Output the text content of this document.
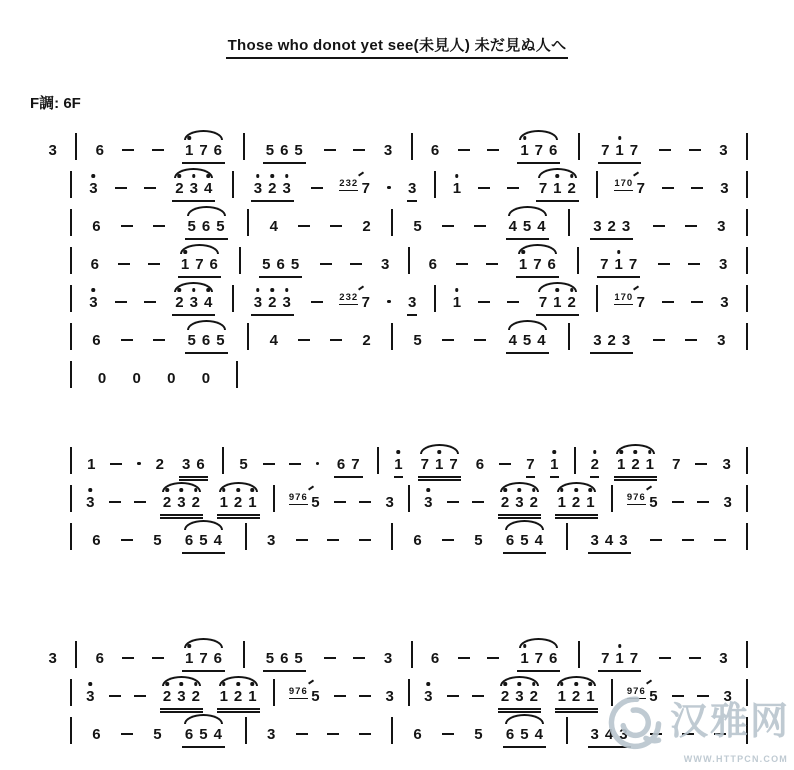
Those who donot yet see(未見人) 未だ見ぬ人へ
F調: 6F
3	6	1 7 6	5 6 5	3	6	1 7 6	7 1 7	3
3	2 3 4	3 2 3	232 7	3 1	7 1 2	170 7	3
6	5 6 5	4	2	5	4 5 4	3 2 3	3
6	1 7 6	5 6 5	3	6	1 7 6	7 1 7	3
3	2 3 4	3 2 3	232 7	3 1	7 1 2	170 7	3
6	5 6 5	4	2	5	4 5 4	3 2 3	3
0 0 0 0
1	2 3 6 5	6 7 1 7 1 7 6	7 1 2 1 2 1 7	3
3	2 3 2 1 2 1	976 5	3 3	2 3 2 1 2 1	976 5	3
6	5 6 5 4	3	6	5 6 5 4	3 4 3
3	6	1 7 6	5 6 5	3	6	1 7 6	7 1 7	3
3	2 3 2 1 2 1	976 5	3 3	2 3 2 1 2 1	976 5	3
6	5 6 5 4	3	6	5 6 5 4	3 4 3 汉雅网
WWW.HTTPCN.COM
